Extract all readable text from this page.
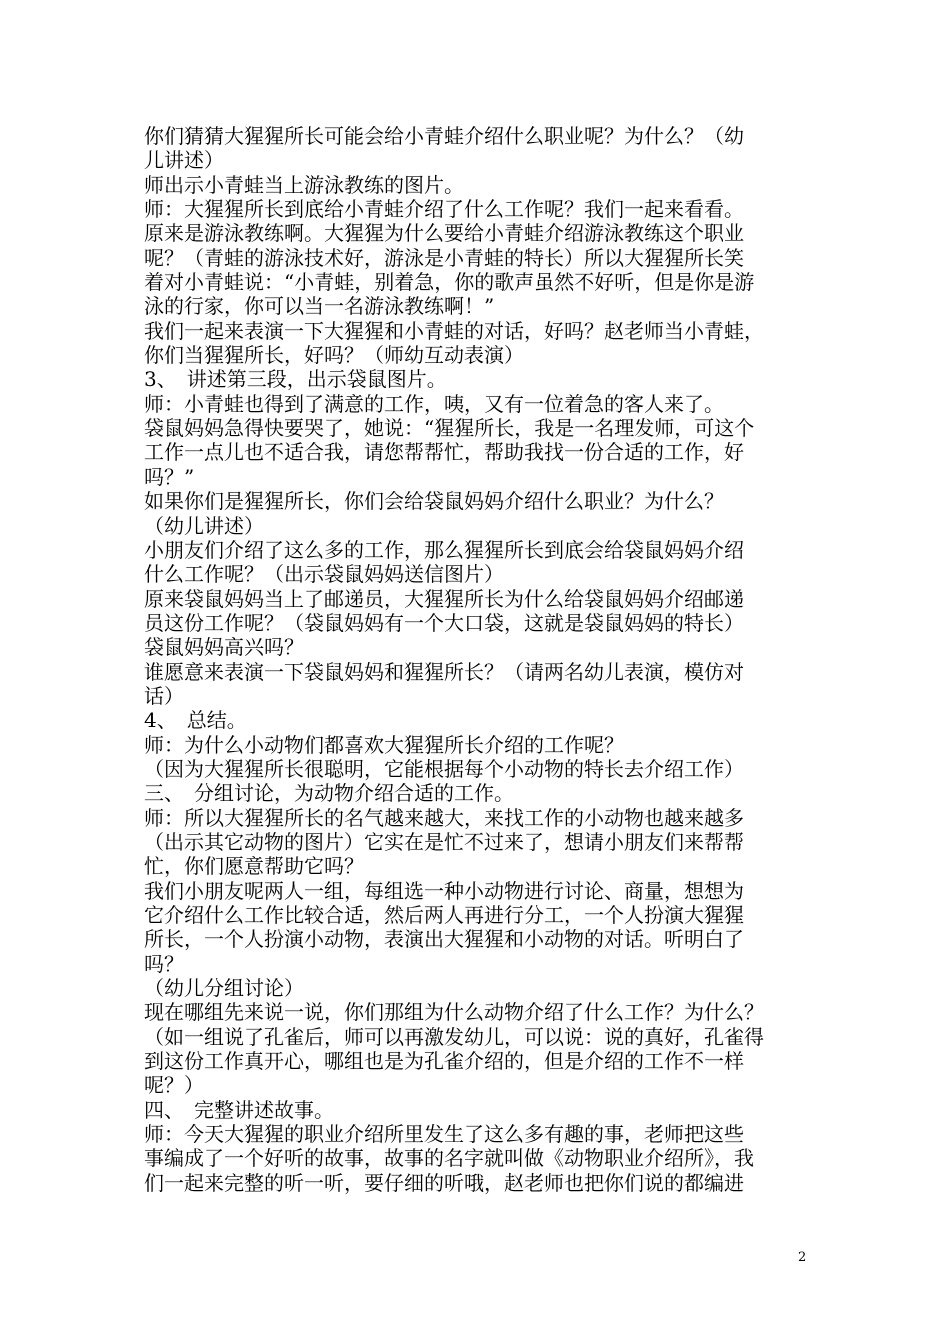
你们猜猜大猩猩所长可能会给小青蛙介绍什么职业呢？为什么？（幼

儿讲述）

师出示小青蛙当上游泳教练的图片。

师：大猩猩所长到底给小青蛙介绍了什么工作呢？我们一起来看看。

原来是游泳教练啊。大猩猩为什么要给小青蛙介绍游泳教练这个职业

呢？（青蛙的游泳技术好，游泳是小青蛙的特长）所以大猩猩所长笑

着对小青蛙说：“小青蛙，别着急，你的歌声虽然不好听，但是你是游

泳的行家，你可以当一名游泳教练啊！”

我们一起来表演一下大猩猩和小青蛙的对话，好吗？赵老师当小青蛙，

你们当猩猩所长，好吗？（师幼互动表演）

3、　讲述第三段，出示袋鼠图片。

师：小青蛙也得到了满意的工作，咦，又有一位着急的客人来了。

袋鼠妈妈急得快要哭了，她说：“猩猩所长，我是一名理发师，可这个

工作一点儿也不适合我，请您帮帮忙，帮助我找一份合适的工作，好

吗？”

如果你们是猩猩所长，你们会给袋鼠妈妈介绍什么职业？为什么？

（幼儿讲述）

小朋友们介绍了这么多的工作，那么猩猩所长到底会给袋鼠妈妈介绍

什么工作呢？（出示袋鼠妈妈送信图片）

原来袋鼠妈妈当上了邮递员，大猩猩所长为什么给袋鼠妈妈介绍邮递

员这份工作呢？（袋鼠妈妈有一个大口袋，这就是袋鼠妈妈的特长）

袋鼠妈妈高兴吗？

谁愿意来表演一下袋鼠妈妈和猩猩所长？（请两名幼儿表演，模仿对

话）

4、　总结。

师：为什么小动物们都喜欢大猩猩所长介绍的工作呢？

（因为大猩猩所长很聪明，它能根据每个小动物的特长去介绍工作）

三、　分组讨论，为动物介绍合适的工作。

师：所以大猩猩所长的名气越来越大，来找工作的小动物也越来越多

（出示其它动物的图片）它实在是忙不过来了，想请小朋友们来帮帮

忙，你们愿意帮助它吗？

我们小朋友呢两人一组，每组选一种小动物进行讨论、商量，想想为

它介绍什么工作比较合适，然后两人再进行分工，一个人扮演大猩猩

所长，一个人扮演小动物，表演出大猩猩和小动物的对话。听明白了

吗？

（幼儿分组讨论）

现在哪组先来说一说，你们那组为什么动物介绍了什么工作？为什么？

（如一组说了孔雀后，师可以再激发幼儿，可以说：说的真好，孔雀得

到这份工作真开心，哪组也是为孔雀介绍的，但是介绍的工作不一样

呢？）

四、　完整讲述故事。

师：今天大猩猩的职业介绍所里发生了这么多有趣的事，老师把这些

事编成了一个好听的故事，故事的名字就叫做《动物职业介绍所》，我

们一起来完整的听一听，要仔细的听哦，赵老师也把你们说的都编进

2
